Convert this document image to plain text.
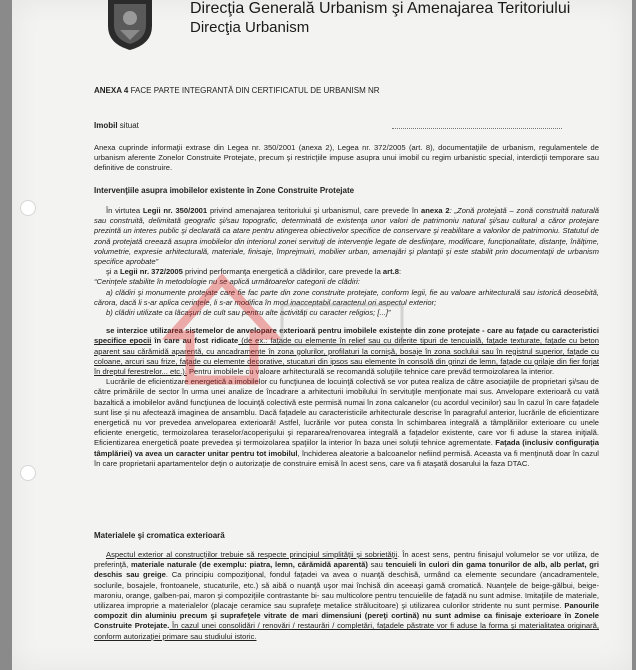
Direcţia Generală Urbanism şi Amenajarea Teritoriului
Direcţia Urbanism
ANEXA 4 FACE PARTE INTEGRANTĂ DIN CERTIFICATUL DE URBANISM NR
Imobil situat

Anexa cuprinde informaţii extrase din Legea nr. 350/2001 (anexa 2), Legea nr. 372/2005 (art. 8), documentaţiile de urbanism, regulamentele de urbanism aferente Zonelor Construite Protejate, precum şi restricţiile impuse asupra unui imobil cu regim urbanistic special, interdicţii temporare sau definitive de construire.

Intervenţiile asupra imobilelor existente în Zone Construite Protejate

În virtutea Legii nr. 350/2001 privind amenajarea teritoriului şi urbanismul, care prevede în anexa 2: „Zonă protejată – zonă construită naturală sau construită, delimitată geografic şi/sau topografic, determinată de existenţa unor valori de patrimoniu natural şi/sau cultural a căror protejare prezintă un interes public şi declarată ca atare pentru atingerea obiectivelor specifice de conservare şi reabilitare a valorilor de patrimoniu. Statutul de zonă protejată creează asupra imobilelor din interiorul zonei servituţi de intervenţie legate de desfiinţare, modificare, funcţionalitate, distanţe, înălţime, volumetrie, expresie arhitecturală, materiale, finisaje, împrejmuiri, mobilier urban, amenajări şi plantaţii şi este stabilit prin documentaţii de urbanism specifice aprobate”

şi a Legii nr. 372/2005 privind performanţa energetică a clădirilor, care prevede la art.8:

“Cerinţele stabilite în metodologie nu se aplică următoarelor categorii de clădiri:

a) clădiri şi monumente protejate care fie fac parte din zone construite protejate, conform legii, fie au valoare arhitecturală sau istorică deosebită, cărora, dacă li s-ar aplica cerinţele, li s-ar modifica în mod inacceptabil caracterul ori aspectul exterior;

b) clădiri utilizate ca lăcaşuri de cult sau pentru alte activităţi cu caracter religios; [...]”

se interzice utilizarea sistemelor de anvelopare exterioară pentru imobilele existente din zone protejate - care au faţade cu caracteristici specifice epocii în care au fost ridicate (de ex.: faţade cu elemente în relief sau cu diferite tipuri de tencuială, faţade texturate, faţade cu beton aparent sau cărămidă aparentă, cu ancadramente în zona golurilor, profilaturi la cornişă, bosaje în zona soclului sau în registrul superior, faţade cu coloane, arcuri sau frize, faţade cu elemente decorative, stucaturi din ipsos sau elemente în consolă din grinzi de lemn, faţade cu grilaje din fier forjat în dreptul ferestrelor... etc.). Pentru imobilele cu valoare arhitecturală se recomandă soluţiile tehnice care prevăd termoizolarea la interior.

Lucrările de eficientizare energetică a imobilelor cu funcţiunea de locuinţă colectivă se vor putea realiza de către asociaţiile de proprietari şi/sau de către primăriile de sector în urma unei analize de încadrare a arhitecturii imobilului în servituţile menţionate mai sus. Anvelopare exterioară cu vată bazaltică a imobilelor având funcţiunea de locuinţă colectivă este permisă numai în zona calcanelor (cu acordul vecinilor) sau în cazul în care faţadele sunt lise şi nu afectează imaginea de ansamblu. Dacă faţadele au caracteristicile arhitecturale descrise în paragraful anterior, lucrările de eficientizare energetică nu vor prevedea anveloparea exterioară! Astfel, lucrările vor putea consta în schimbarea integrală a tâmplăriilor exterioare cu unele eficiente energetic, termoizolarea teraselor/acoperişului şi repararea/renovarea integrală a faţadelor existente, care vor fi aduse la starea iniţială. Eficientizarea energetică poate prevedea şi termoizolarea spaţiilor la interior în baza unei soluţii tehnice agrementate. Faţada (inclusiv configuraţia tâmplăriei) va avea un caracter unitar pentru tot imobilul, închiderea aleatorie a balcoanelor nefiind permisă. Aceasta va fi menţinută doar în cazul în care proprietarii apartamentelor deţin o autorizaţie de construire emisă în acest sens, care va fi ataşată dosarului la faza DTAC.

Materialele şi cromatica exterioară

Aspectul exterior al construcţiilor trebuie să respecte principiul simplităţii şi sobrietăţii. În acest sens, pentru finisajul volumelor se vor utiliza, de preferinţă, materiale naturale (de exemplu: piatra, lemn, cărămidă aparentă) sau tencuieli în culori din gama tonurilor de alb, alb perlat, gri deschis sau greige. Ca principiu compoziţional, fondul faţadei va avea o nuanţă deschisă, urmând ca elemente secundare (ancadramentele, soclurile, bosajele, frontoanele, stucaturile, etc.) să aibă o nuanţă uşor mai închisă din aceeaşi gamă cromatică. Nuanţele de beige-gălbui, beige-maroniu, orange, galben-pai, maron şi compoziţiile contrastante bi- sau multicolore pentru tencuielile de faţadă nu sunt admise. Imitaţiile de materiale, utilizarea improprie a materialelor (placaje ceramice sau suprafeţe metalice strălucitoare) şi utilizarea culorilor stridente nu sunt permise. Panourile compozit din aluminiu precum şi suprafeţele vitrate de mari dimensiuni (pereţi cortină) nu sunt admise ca finisaje exterioare în Zonele Construite Protejate. În cazul unei consolidări / renovări / restaurări / completări, faţadele păstrate vor fi aduse la forma şi materialitatea originară, conform autorizaţiei primare sau studiului istoric.
